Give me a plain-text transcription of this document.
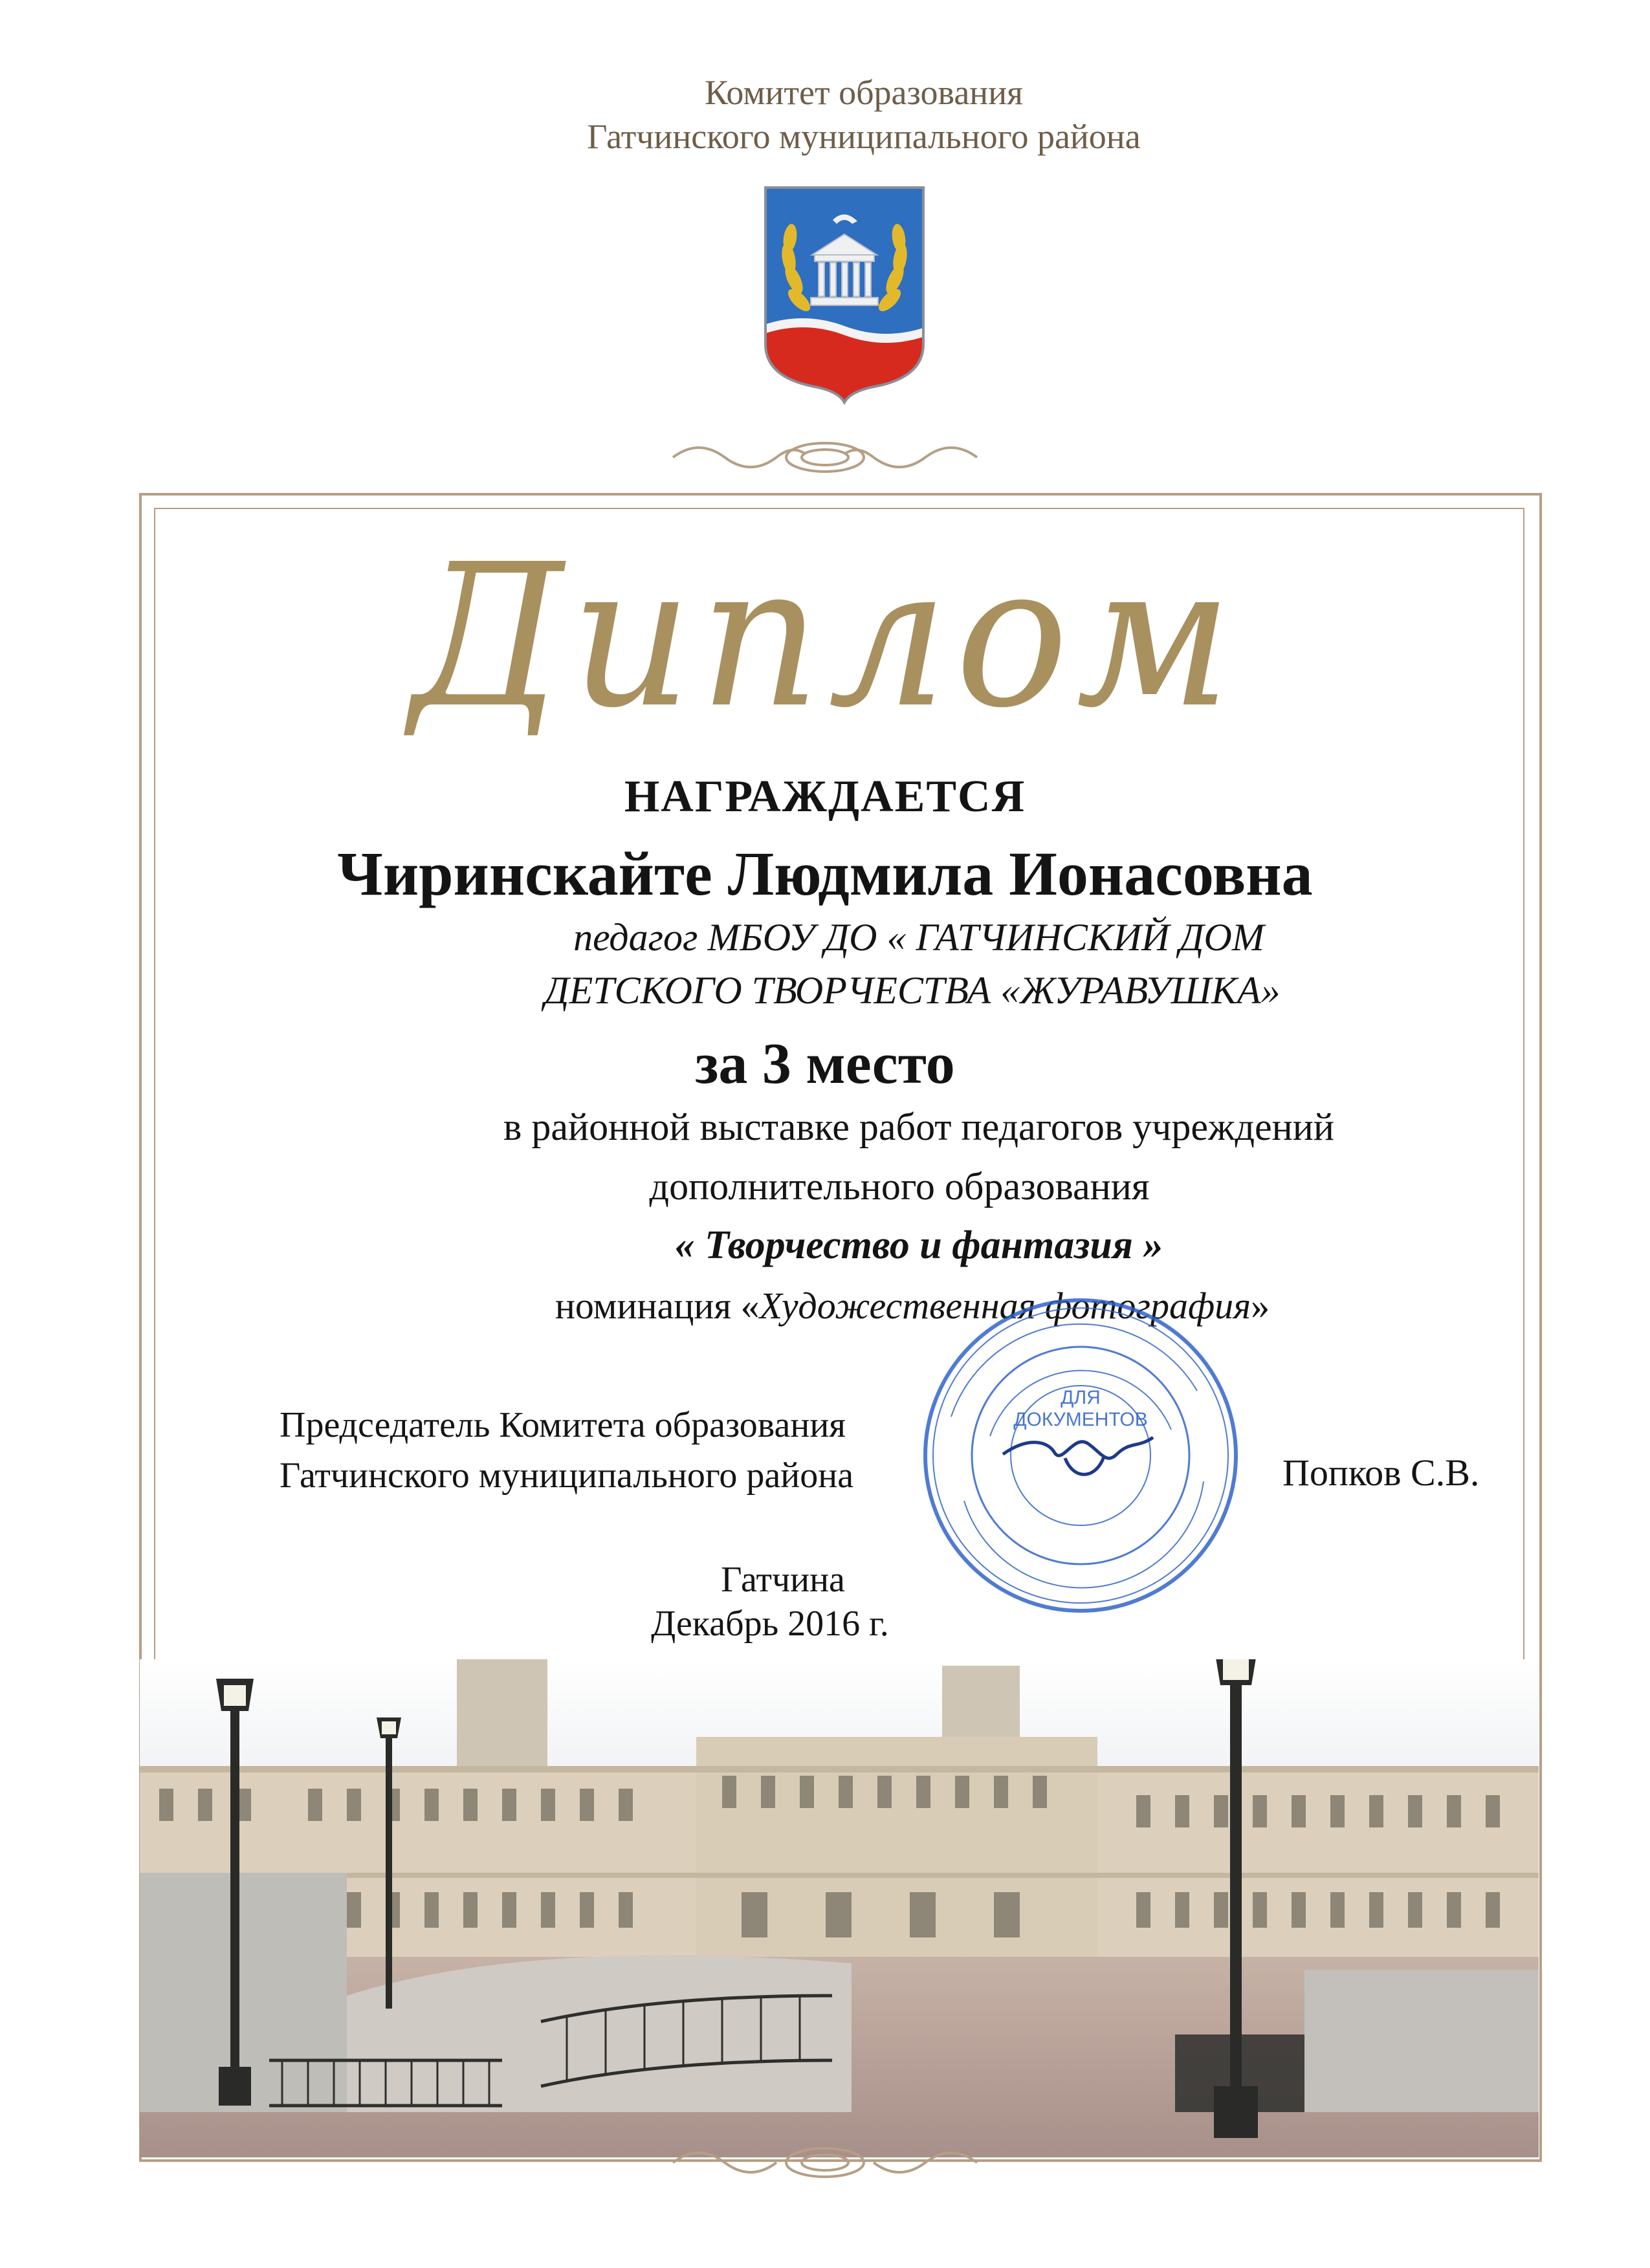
Комитет образования
Гатчинского муниципального района
Диплом
НАГРАЖДАЕТСЯ
Чиринскайте Людмила Ионасовна
педагог МБОУ ДО « ГАТЧИНСКИЙ ДОМ
ДЕТСКОГО ТВОРЧЕСТВА «ЖУРАВУШКА»
за 3 место
в районной выставке работ педагогов учреждений
дополнительного образования
« Творчество и фантазия »
номинация «Художественная фотография»
Председатель Комитета образования
Гатчинского муниципального района	Попков С.В.
Гатчина
Декабрь 2016 г.
ДЛЯ
ДОКУМЕНТОВ
